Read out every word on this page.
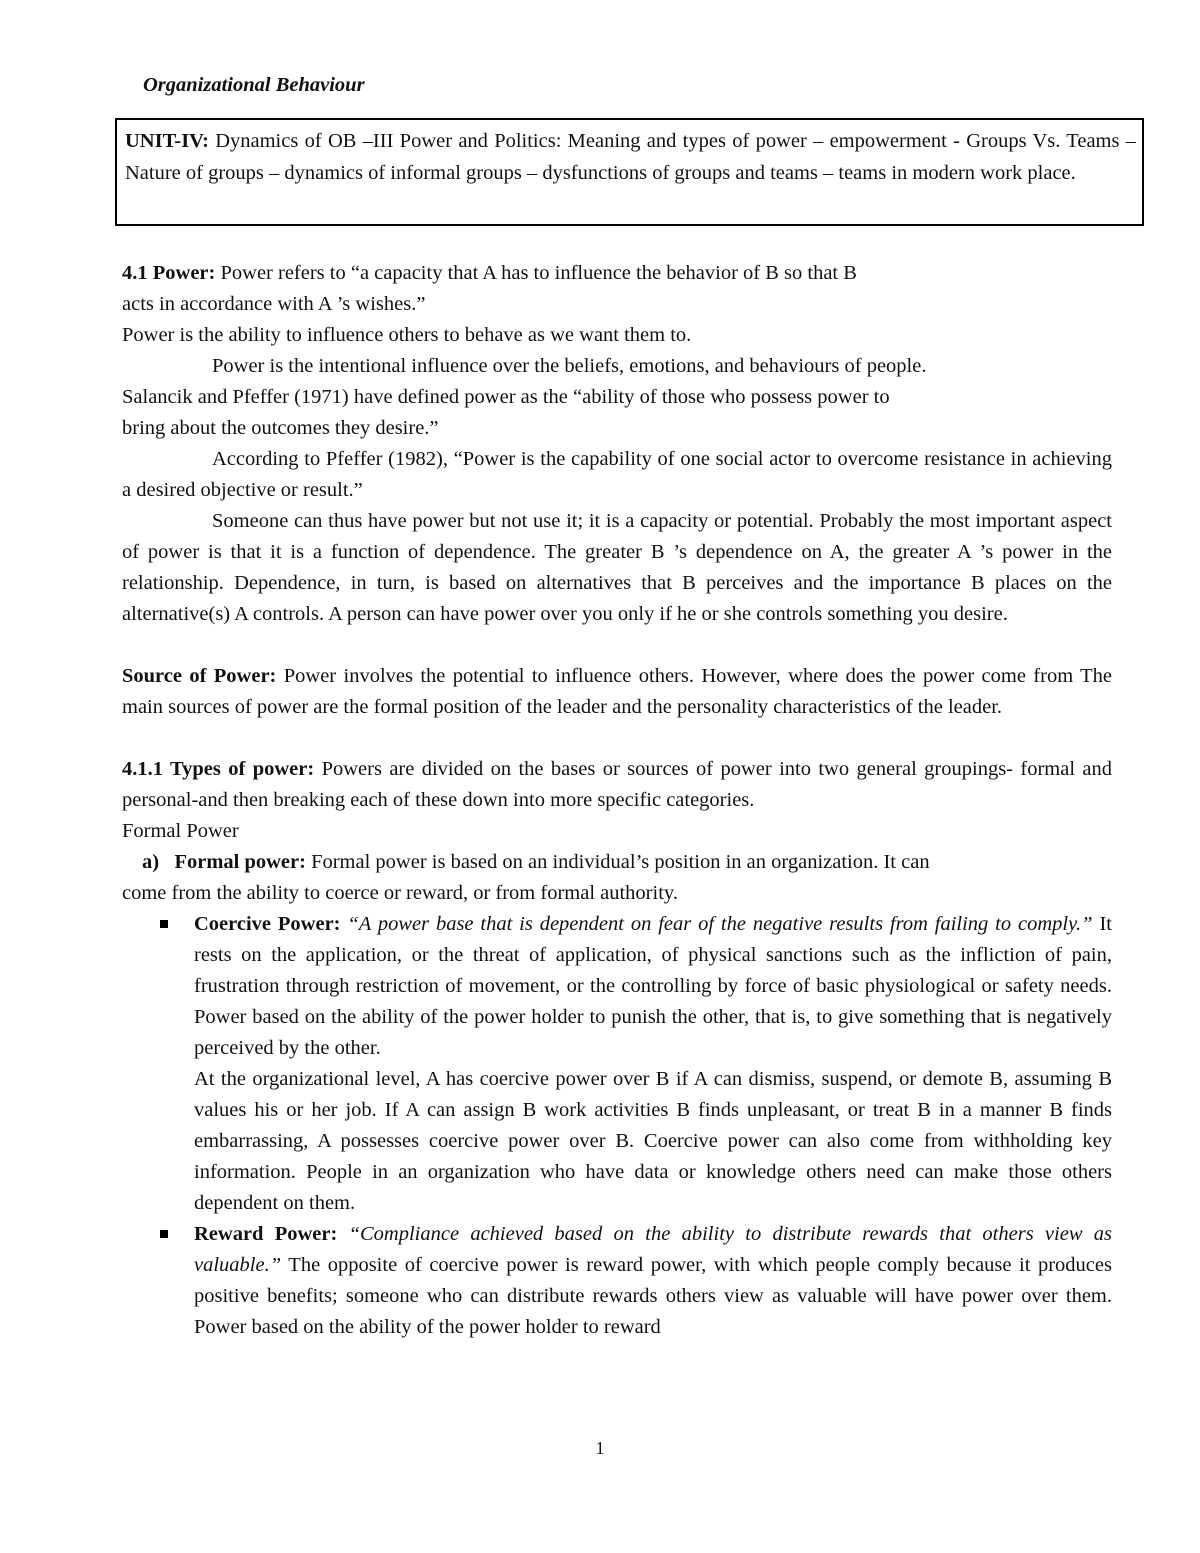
Organizational Behaviour
UNIT-IV: Dynamics of OB –III Power and Politics: Meaning and types of power – empowerment - Groups Vs. Teams – Nature of groups – dynamics of informal groups – dysfunctions of groups and teams – teams in modern work place.

4.1 Power: Power refers to “a capacity that A has to influence the behavior of B so that B

acts in accordance with A ’s wishes.”

Power is the ability to influence others to behave as we want them to.

Power is the intentional influence over the beliefs, emotions, and behaviours of people.

Salancik and Pfeffer (1971) have defined power as the “ability of those who possess power to

bring about the outcomes they desire.”

According to Pfeffer (1982), “Power is the capability of one social actor to overcome resistance in achieving a desired objective or result.”

Someone can thus have power but not use it; it is a capacity or potential. Probably the most important aspect of power is that it is a function of dependence. The greater B ’s dependence on A, the greater A ’s power in the relationship. Dependence, in turn, is based on alternatives that B perceives and the importance B places on the alternative(s) A controls. A person can have power over you only if he or she controls something you desire.

Source of Power: Power involves the potential to influence others. However, where does the power come from The main sources of power are the formal position of the leader and the personality characteristics of the leader.

4.1.1 Types of power: Powers are divided on the bases or sources of power into two general groupings- formal and personal-and then breaking each of these down into more specific categories.

Formal Power

a) Formal power: Formal power is based on an individual’s position in an organization. It can

come from the ability to coerce or reward, or from formal authority.

Coercive Power: “A power base that is dependent on fear of the negative results from failing to comply.” It rests on the application, or the threat of application, of physical sanctions such as the infliction of pain, frustration through restriction of movement, or the controlling by force of basic physiological or safety needs. Power based on the ability of the power holder to punish the other, that is, to give something that is negatively perceived by the other.
At the organizational level, A has coercive power over B if A can dismiss, suspend, or demote B, assuming B values his or her job. If A can assign B work activities B finds unpleasant, or treat B in a manner B finds embarrassing, A possesses coercive power over B. Coercive power can also come from withholding key information. People in an organization who have data or knowledge others need can make those others dependent on them.
Reward Power: “Compliance achieved based on the ability to distribute rewards that others view as valuable.” The opposite of coercive power is reward power, with which people comply because it produces positive benefits; someone who can distribute rewards others view as valuable will have power over them. Power based on the ability of the power holder to reward
1
